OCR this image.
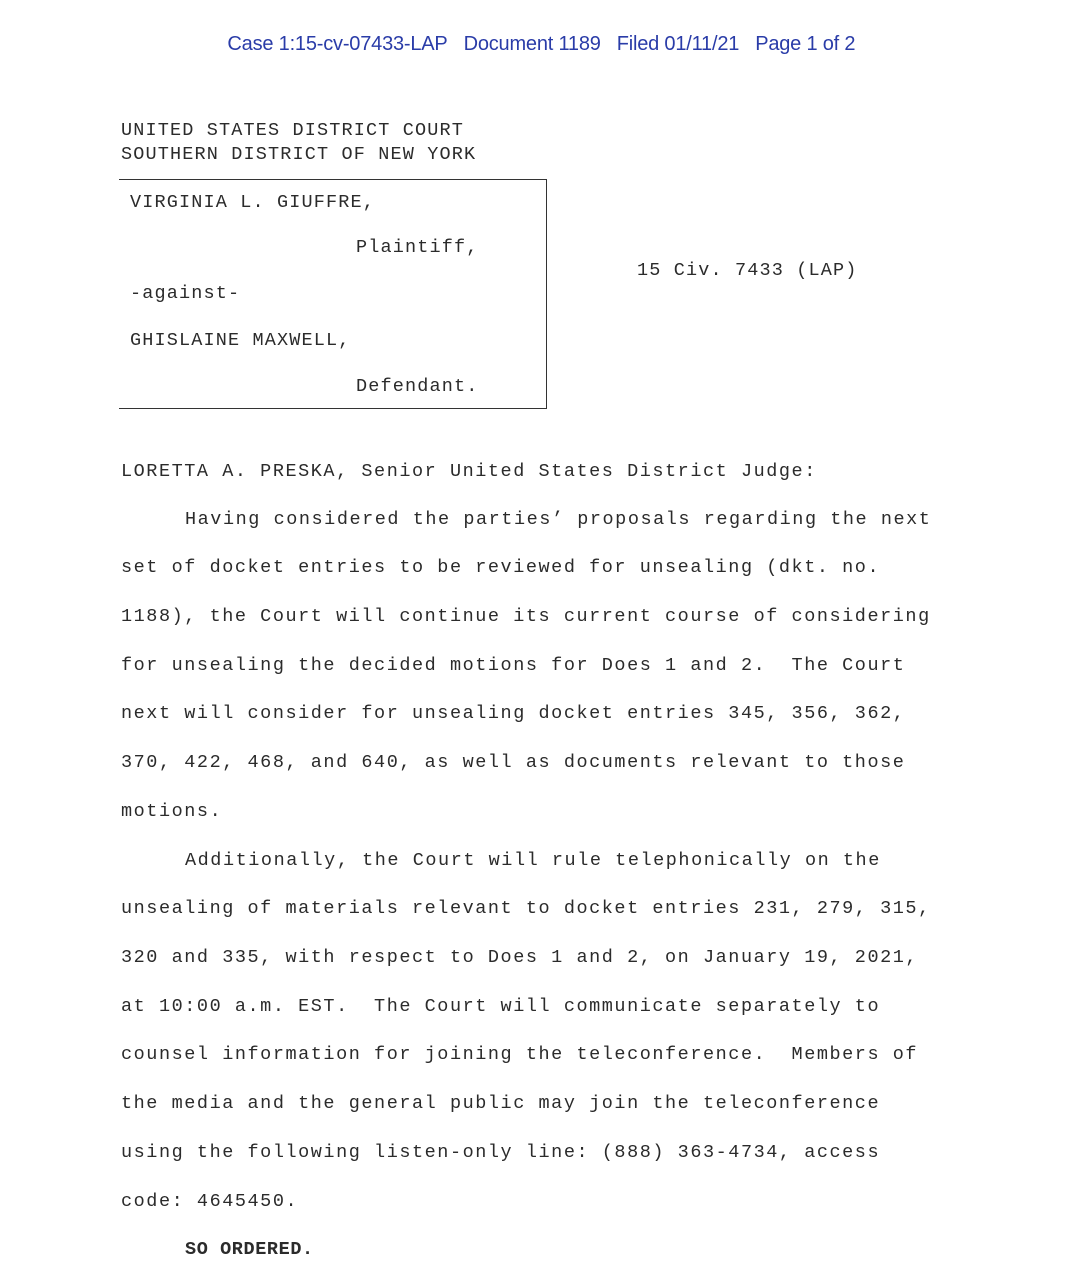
Case 1:15-cv-07433-LAP Document 1189 Filed 01/11/21 Page 1 of 2

UNITED STATES DISTRICT COURT
SOUTHERN DISTRICT OF NEW YORK
VIRGINIA L. GIUFFRE,
Plaintiff,
-against-
GHISLAINE MAXWELL,
Defendant.
15 Civ. 7433 (LAP)
LORETTA A. PRESKA, Senior United States District Judge:
Having considered the parties’ proposals regarding the next
set of docket entries to be reviewed for unsealing (dkt. no.
1188), the Court will continue its current course of considering
for unsealing the decided motions for Does 1 and 2.  The Court
next will consider for unsealing docket entries 345, 356, 362,
370, 422, 468, and 640, as well as documents relevant to those
motions.
Additionally, the Court will rule telephonically on the
unsealing of materials relevant to docket entries 231, 279, 315,
320 and 335, with respect to Does 1 and 2, on January 19, 2021,
at 10:00 a.m. EST.  The Court will communicate separately to
counsel information for joining the teleconference.  Members of
the media and the general public may join the teleconference
using the following listen-only line: (888) 363-4734, access
code: 4645450.
SO ORDERED.
